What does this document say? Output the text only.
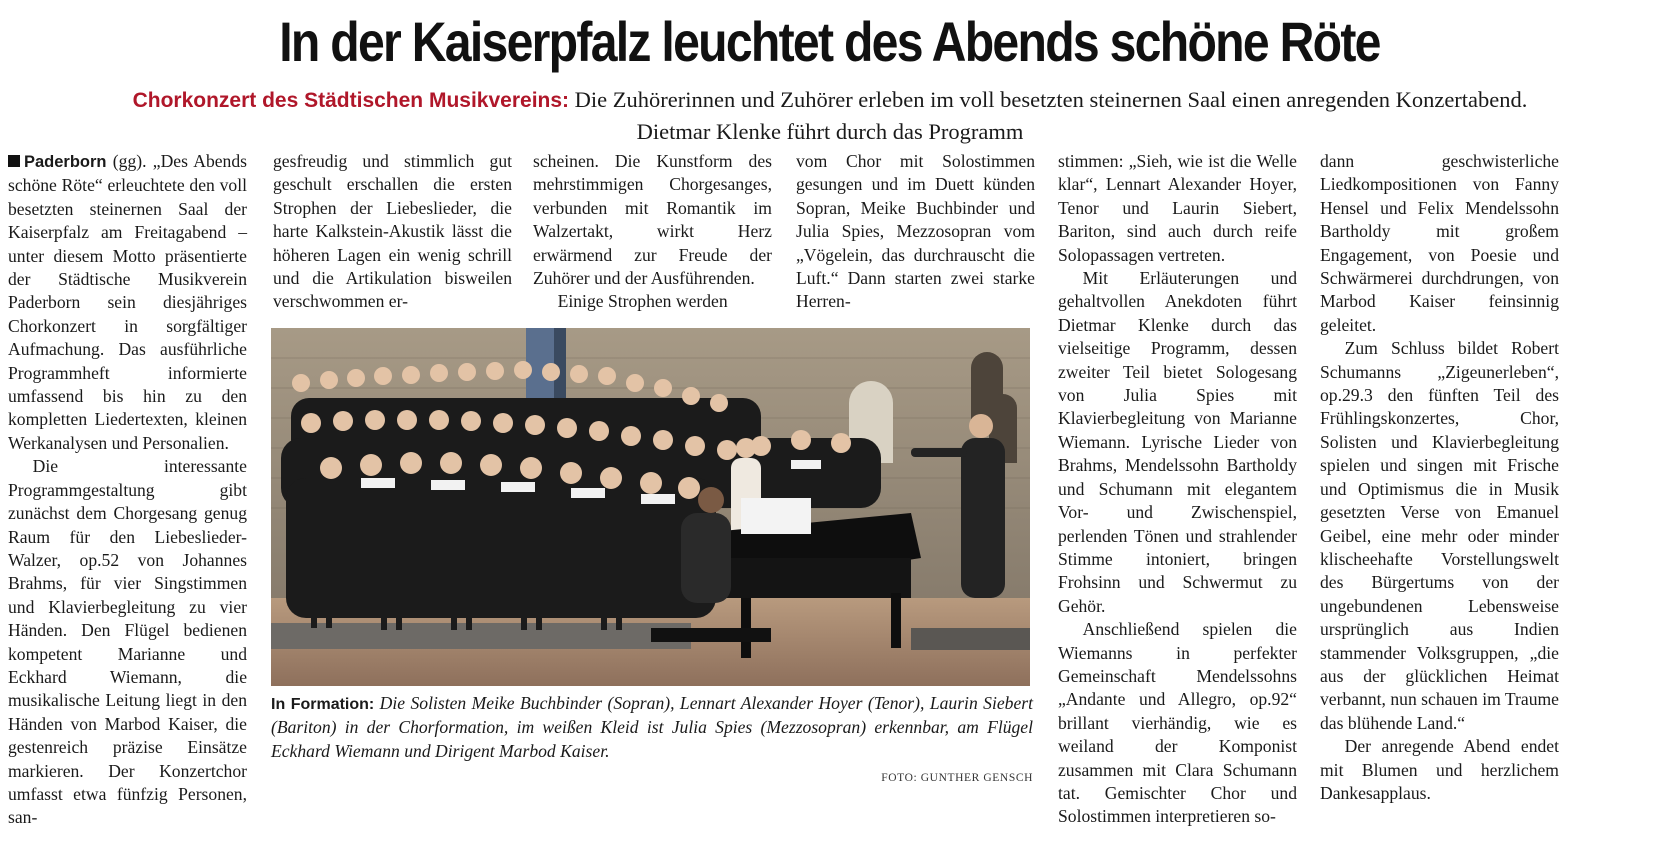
In der Kaiserpfalz leuchtet des Abends schöne Röte
Chorkonzert des Städtischen Musikvereins: Die Zuhörerinnen und Zuhörer erleben im voll besetzten steinernen Saal einen anregenden Konzertabend. Dietmar Klenke führt durch das Programm

Paderborn (gg). „Des Abends schöne Röte“ erleuchtete den voll besetzten steinernen Saal der Kaiserpfalz am Freitagabend – unter diesem Motto präsentierte der Städtische Musikverein Paderborn sein diesjähriges Chorkonzert in sorgfältiger Aufmachung. Das ausführliche Programmheft informierte umfassend bis hin zu den kompletten Liedertexten, kleinen Werkanalysen und Personalien.

Die interessante Programmgestaltung gibt zunächst dem Chorgesang genug Raum für den Liebeslieder-Walzer, op.52 von Johannes Brahms, für vier Singstimmen und Klavierbegleitung zu vier Händen. Den Flügel bedienen kompetent Marianne und Eckhard Wiemann, die musikalische Leitung liegt in den Händen von Marbod Kaiser, die gestenreich präzise Einsätze markieren. Der Konzertchor umfasst etwa fünfzig Personen, san-

gesfreudig und stimmlich gut geschult erschallen die ersten Strophen der Liebeslieder, die harte Kalkstein-Akustik lässt die höheren Lagen ein wenig schrill und die Artikulation bisweilen verschwommen er-

scheinen. Die Kunstform des mehrstimmigen Chorgesanges, verbunden mit Romantik im Walzertakt, wirkt Herz erwärmend zur Freude der Zuhörer und der Ausführenden.

Einige Strophen werden

vom Chor mit Solostimmen gesungen und im Duett künden Sopran, Meike Buchbinder und Julia Spies, Mezzosopran vom „Vögelein, das durchrauscht die Luft.“ Dann starten zwei starke Herren-

stimmen: „Sieh, wie ist die Welle klar“, Lennart Alexander Hoyer, Tenor und Laurin Siebert, Bariton, sind auch durch reife Solopassagen vertreten.

Mit Erläuterungen und gehaltvollen Anekdoten führt Dietmar Klenke durch das vielseitige Programm, dessen zweiter Teil bietet Sologesang von Julia Spies mit Klavierbegleitung von Marianne Wiemann. Lyrische Lieder von Brahms, Mendelssohn Bartholdy und Schumann mit elegantem Vor- und Zwischenspiel, perlenden Tönen und strahlender Stimme intoniert, bringen Frohsinn und Schwermut zu Gehör.

Anschließend spielen die Wiemanns in perfekter Gemeinschaft Mendelssohns „Andante und Allegro, op.92“ brillant vierhändig, wie es weiland der Komponist zusammen mit Clara Schumann tat. Gemischter Chor und Solostimmen interpretieren so-

dann geschwisterliche Liedkompositionen von Fanny Hensel und Felix Mendelssohn Bartholdy mit großem Engagement, von Poesie und Schwärmerei durchdrungen, von Marbod Kaiser feinsinnig geleitet.

Zum Schluss bildet Robert Schumanns „Zigeunerleben“, op.29.3 den fünften Teil des Frühlingskonzertes, Chor, Solisten und Klavierbegleitung spielen und singen mit Frische und Optimismus die in Musik gesetzten Verse von Emanuel Geibel, eine mehr oder minder klischeehafte Vorstellungswelt des Bürgertums von der ungebundenen Lebensweise ursprünglich aus Indien stammender Volksgruppen, „die aus der glücklichen Heimat verbannt, nun schauen im Traume das blühende Land.“

Der anregende Abend endet mit Blumen und herzlichem Dankesapplaus.

In Formation: Die Solisten Meike Buchbinder (Sopran), Lennart Alexander Hoyer (Tenor), Laurin Siebert (Bariton) in der Chorformation, im weißen Kleid ist Julia Spies (Mezzosopran) erkennbar, am Flügel Eckhard Wiemann und Dirigent Marbod Kaiser.
FOTO: GUNTHER GENSCH
